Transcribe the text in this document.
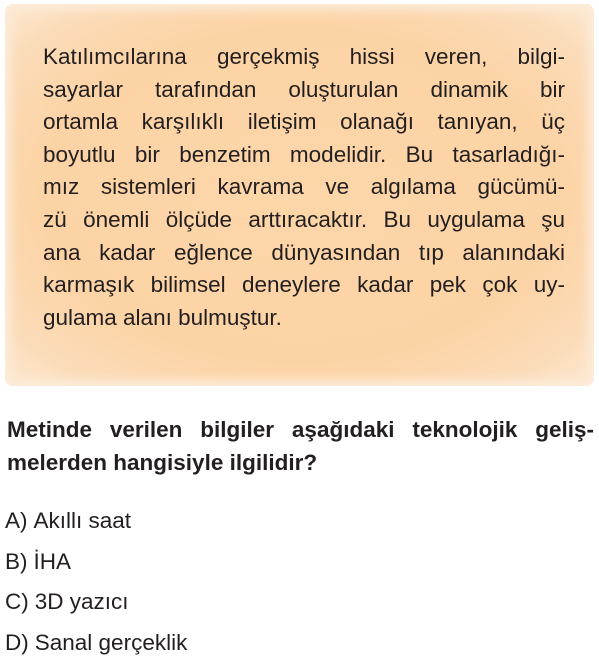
Katılımcılarına gerçekmiş hissi veren, bilgi-
sayarlar tarafından oluşturulan dinamik bir
ortamla karşılıklı iletişim olanağı tanıyan, üç
boyutlu bir benzetim modelidir. Bu tasarladığı-
mız sistemleri kavrama ve algılama gücümü-
zü önemli ölçüde arttıracaktır. Bu uygulama şu
ana kadar eğlence dünyasından tıp alanındaki
karmaşık bilimsel deneylere kadar pek çok uy-
gulama alanı bulmuştur.

Metinde verilen bilgiler aşağıdaki teknolojik geliş-
melerden hangisiyle ilgilidir?

A) Akıllı saat
B) İHA
C) 3D yazıcı
D) Sanal gerçeklik
